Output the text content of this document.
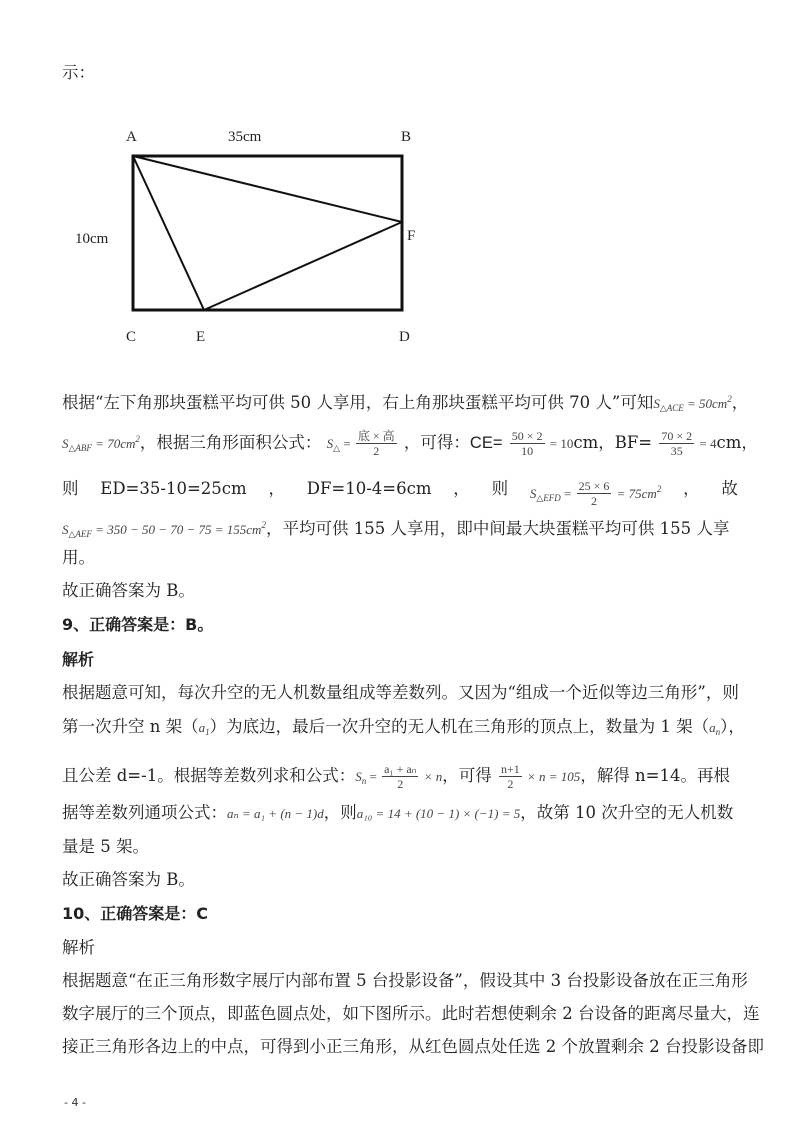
示：
A	B
C	D
E
F
35cm
10cm
根据“左下角那块蛋糕平均可供 50 人享用，右上角那块蛋糕平均可供 70 人”可知$S_{\triangle ACE} = 50cm^2$，
$S_{\triangle ABF} = 70cm^2$，根据三角形面积公式： $S_\triangle = \frac{\text{底 × 高}}{2}$ ，可得：$CE= \frac{50 \times 2}{10} = 10cm$，$BF= \frac{70 \times 2}{35} = 4cm$，
则 ED=35-10=25cm ， DF=10-4=6cm ， 则 $S_{\triangle EFD} = \frac{25 \times 6}{2} = 75cm^2$ ， 故
$S_{\triangle AEF} = 350 - 50 - 70 - 75 = 155cm^2$，平均可供 155 人享用，即中间最大块蛋糕平均可供 155 人享
用。
故正确答案为 B。
9、正确答案是：B。
解析
根据题意可知，每次升空的无人机数量组成等差数列。又因为“组成一个近似等边三角形”，则
第一次升空 n 架$(a_1)$为底边，最后一次升空的无人机在三角形的顶点上，数量为 1 架$(a_n)$，
且公差 d=-1。根据等差数列求和公式：$S_n = \frac{\text{a₁ + aₙ}}{2} \times n$，可得 $\frac{n+1}{2} \times n = 105$，解得 n=14。再根
据等差数列通项公式：aₙ = a₁ + (n − 1)d，则a₁₀ = 14 + (10 − 1) × (−1) = 5，故第 10 次升空的无人机数
量是 5 架。
故正确答案为 B。
10、正确答案是：C
解析
根据题意“在正三角形数字展厅内部布置 5 台投影设备”，假设其中 3 台投影设备放在正三角形
数字展厅的三个顶点，即蓝色圆点处，如下图所示。此时若想使剩余 2 台设备的距离尽量大，连
接正三角形各边上的中点，可得到小正三角形，从红色圆点处任选 2 个放置剩余 2 台投影设备即
- 4 -
